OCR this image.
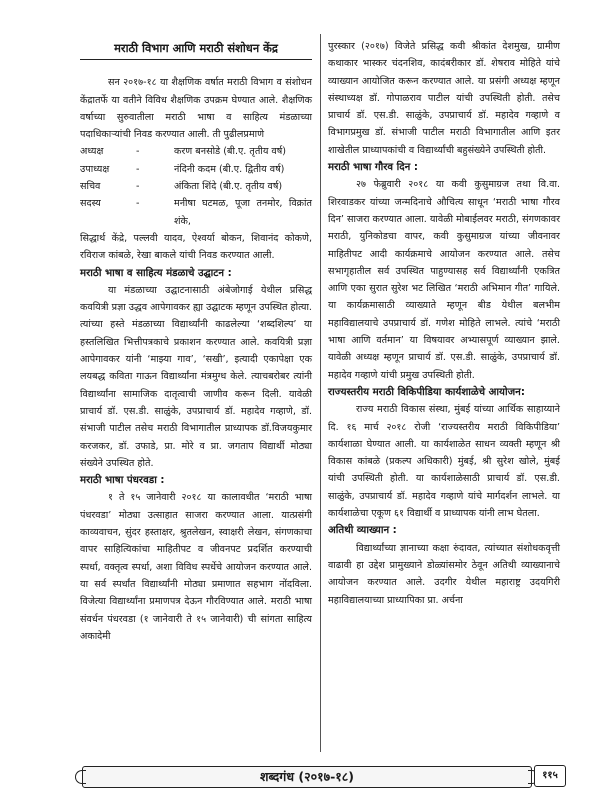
मराठी विभाग आणि मराठी संशोधन केंद्र

सन २०१७-१८ या शैक्षणिक वर्षात मराठी विभाग व संशोधन केंद्रातर्फे या वतीने विविध शैक्षणिक उपक्रम घेण्यात आले. शैक्षणिक वर्षाच्या सुरुवातीला मराठी भाषा व साहित्य मंडळाच्या पदाधिकाऱ्यांची निवड करण्यात आली. ती पुढीलप्रमाणे

अध्यक्ष	-	करण बनसोडे (बी.ए. तृतीय वर्ष)
उपाध्यक्ष	-	नंदिनी कदम (बी.ए. द्वितीय वर्ष)
सचिव	-	अंकिता शिंदे (बी.ए. तृतीय वर्ष)
सदस्य	-	मनीषा घटमळ, पूजा तनमोर, विक्रांत शंके,

सिद्धार्थ केंद्रे, पल्लवी यादव, ऐश्वर्या बोकन, शिवानंद कोकणे, रविराज कांबळे, रेखा बाकले यांची निवड करण्यात आली.

मराठी भाषा व साहित्य मंडळाचे उद्घाटन :

या मंडळाच्या उद्घाटनासाठी अंबेजोगाई येथील प्रसिद्ध कवयित्री प्रज्ञा उद्धव आपेगावकर ह्या उद्घाटक म्हणून उपस्थित होत्या. त्यांच्या हस्ते मंडळाच्या विद्यार्थ्यांनी काढलेल्या ‘शब्दशिल्प’ या हस्तलिखित भित्तीपत्रकाचे प्रकाशन करण्यात आले. कवयित्री प्रज्ञा आपेगावकर यांनी ‘माझ्या गाव’, ‘सखी’, इत्यादी एकापेक्षा एक लयबद्ध कविता गाऊन विद्यार्थ्यांना मंत्रमुग्ध केले. त्याचबरोबर त्यांनी विद्यार्थ्यांना सामाजिक दातृत्वाची जाणीव करून दिली. यावेळी प्राचार्य डॉ. एस.डी. साळुंके, उपप्राचार्य डॉ. महादेव गव्हाणे, डॉ. संभाजी पाटील तसेच मराठी विभागातील प्राध्यापक डॉ.विजयकुमार करजकर, डॉ. उफाडे, प्रा. मोरे व प्रा. जगताप विद्यार्थी मोठ्या संख्येने उपस्थित होते.

मराठी भाषा पंधरवडा :

१ ते १५ जानेवारी २०१८ या कालावधीत ‘मराठी भाषा पंधरवडा’ मोठ्या उत्साहात साजरा करण्यात आला. यात्प्रसंगी काव्यवाचन, सुंदर हस्ताक्षर, श्रुतलेखन, स्वाक्षरी लेखन, संगणकाचा वापर साहित्यिकांचा माहितीपट व जीवनपट प्रदर्शित करण्याची स्पर्धा, वक्तृत्व स्पर्धा, अशा विविध स्पर्धेचे आयोजन करण्यात आले. या सर्व स्पर्धांत विद्यार्थ्यांनी मोठ्या प्रमाणात सहभाग नोंदविला. विजेत्या विद्यार्थ्यांना प्रमाणपत्र देऊन गौरविण्यात आले. मराठी भाषा संवर्धन पंधरवडा (१ जानेवारी ते १५ जानेवारी) ची सांगता साहित्य अकादेमी

पुरस्कार (२०१७) विजेते प्रसिद्ध कवी श्रीकांत देशमुख, ग्रामीण कथाकार भास्कर चंदनशिव, कादंबरीकार डॉ. शेषराव मोहिते यांचे व्याख्यान आयोजित करून करण्यात आले. या प्रसंगी अध्यक्ष म्हणून संस्थाध्यक्ष डॉ. गोपाळराव पाटील यांची उपस्थिती होती. तसेच प्राचार्य डॉ. एस.डी. साळुंके, उपप्राचार्य डॉ. महादेव गव्हाणे व विभागप्रमुख डॉ. संभाजी पाटील मराठी विभागातील आणि इतर शाखेतील प्राध्यापकांची व विद्यार्थ्यांची बहुसंख्येने उपस्थिती होती.

मराठी भाषा गौरव दिन :

२७ फेब्रुवारी २०१८ या कवी कुसुमाग्रज तथा वि.वा. शिरवाडकर यांच्या जन्मदिनाचे औचित्य साधून ‘मराठी भाषा गौरव दिन’ साजरा करण्यात आला. यावेळी मोबाईलवर मराठी, संगणकावर मराठी, युनिकोडचा वापर, कवी कुसुमाग्रज यांच्या जीवनावर माहितीपट आदी कार्यक्रमाचे आयोजन करण्यात आले. तसेच सभागृहातील सर्व उपस्थित पाहुण्यासह सर्व विद्यार्थ्यांनी एकत्रित आणि एका सुरात सुरेश भट लिखित ‘मराठी अभिमान गीत’ गायिले. या कार्यक्रमासाठी व्याख्याते म्हणून बीड येथील बलभीम महाविद्यालयाचे उपप्राचार्य डॉ. गणेश मोहिते लाभले. त्यांचे ‘मराठी भाषा आणि वर्तमान’ या विषयावर अभ्यासपूर्ण व्याख्यान झाले. यावेळी अध्यक्ष म्हणून प्राचार्य डॉ. एस.डी. साळुंके, उपप्राचार्य डॉ. महादेव गव्हाणे यांची प्रमुख उपस्थिती होती.

राज्यस्तरीय मराठी विकिपीडिया कार्यशाळेचे आयोजन:

राज्य मराठी विकास संस्था, मुंबई यांच्या आर्थिक साहाय्याने दि. १६ मार्च २०१८ रोजी ‘राज्यस्तरीय मराठी विकिपीडिया’ कार्यशाळा घेण्यात आली. या कार्यशाळेत साधन व्यक्ती म्हणून श्री विकास कांबळे (प्रकल्प अधिकारी) मुंबई, श्री सुरेश खोले, मुंबई यांची उपस्थिती होती. या कार्यशाळेसाठी प्राचार्य डॉ. एस.डी. साळुंके, उपप्राचार्य डॉ. महादेव गव्हाणे यांचे मार्गदर्शन लाभले. या कार्यशाळेचा एकूण ६१ विद्यार्थी व प्राध्यापक यांनी लाभ घेतला.

अतिथी व्याख्यान :

विद्यार्थ्यांच्या ज्ञानाच्या कक्षा रुंदावत, त्यांच्यात संशोधकवृत्ती वाढावी हा उद्देश प्रामुख्याने डोळ्यांसमोर ठेवून अतिथी व्याख्यानाचे आयोजन करण्यात आले. उदगीर येथील महाराष्ट्र उदयगिरी महाविद्यालयाच्या प्राध्यापिका प्रा. अर्चना

शब्दगंध (२०१७-१८)	११५
